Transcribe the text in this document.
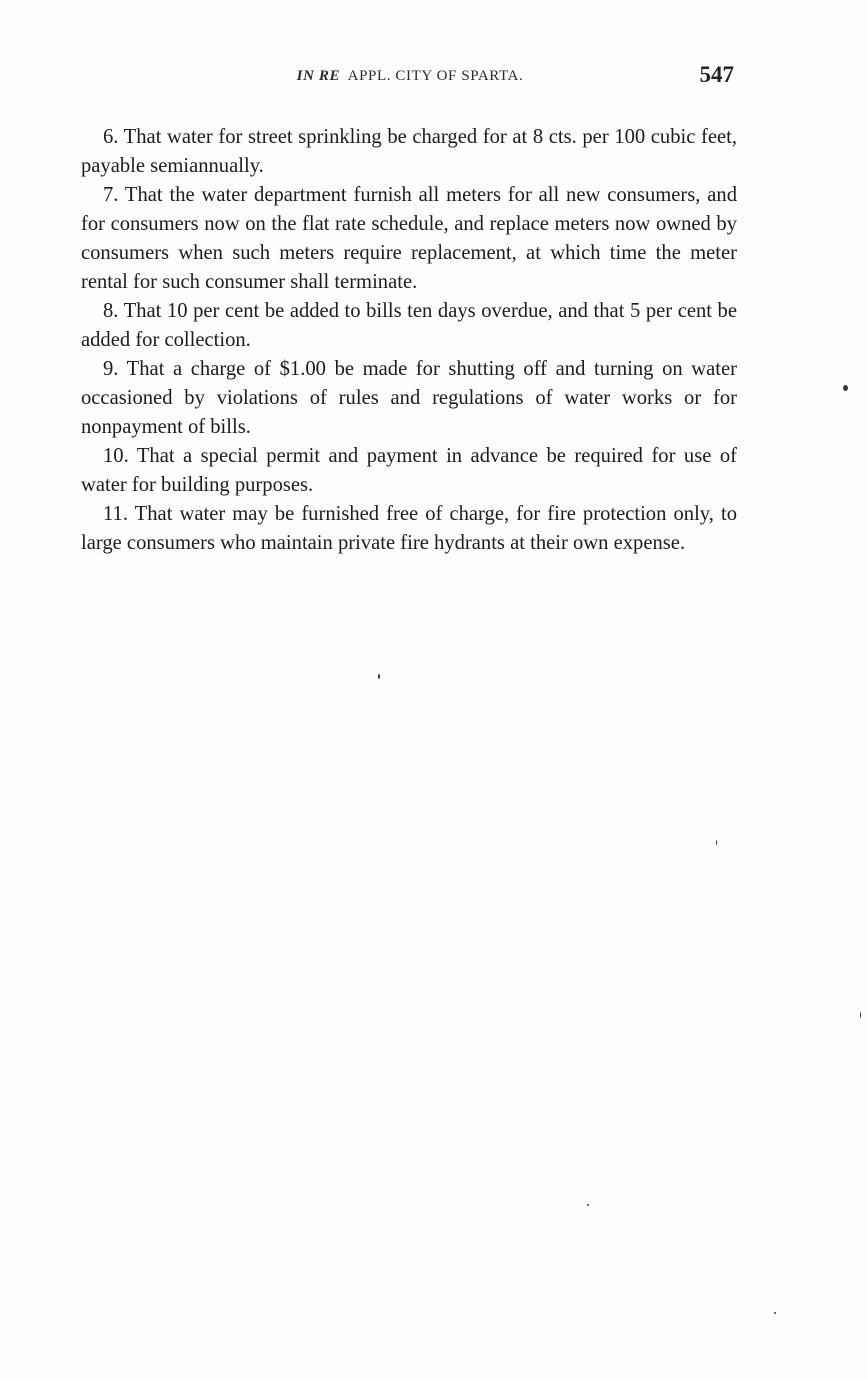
IN RE APPL. CITY OF SPARTA.	547

6. That water for street sprinkling be charged for at 8 cts. per 100 cubic feet, payable semiannually.

7. That the water department furnish all meters for all new consumers, and for consumers now on the flat rate schedule, and replace meters now owned by consumers when such meters require replacement, at which time the meter rental for such consumer shall terminate.

8. That 10 per cent be added to bills ten days overdue, and that 5 per cent be added for collection.

9. That a charge of $1.00 be made for shutting off and turning on water occasioned by violations of rules and regulations of water works or for nonpayment of bills.

10. That a special permit and payment in advance be required for use of water for building purposes.

11. That water may be furnished free of charge, for fire protection only, to large consumers who maintain private fire hydrants at their own expense.
